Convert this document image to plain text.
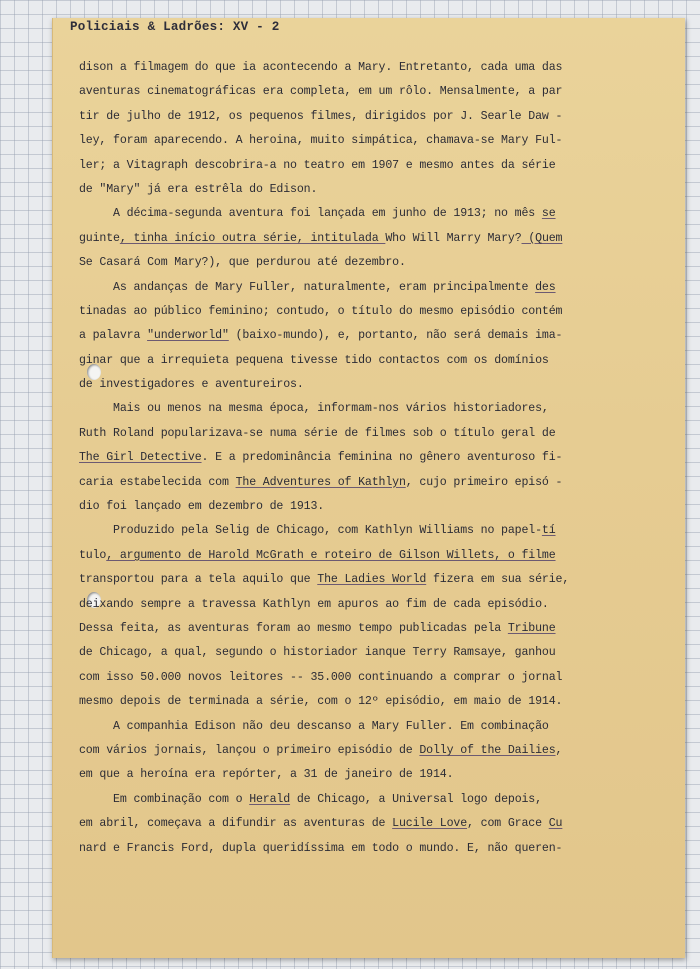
Policiais & Ladrões: XV - 2
dison a filmagem do que ia acontecendo a Mary. Entretanto, cada uma das
aventuras cinematográficas era completa, em um rôlo. Mensalmente, a par
tir de julho de 1912, os pequenos filmes, dirigidos por J. Searle Daw -
ley, foram aparecendo. A heroina, muito simpática, chamava-se Mary Ful-
ler; a Vitagraph descobrira-a no teatro em 1907 e mesmo antes da série
de "Mary" já era estrêla do Edison.
A décima-segunda aventura foi lançada em junho de 1913; no mês se
guinte, tinha início outra série, intitulada Who Will Marry Mary? (Quem
Se Casará Com Mary?), que perdurou até dezembro.
As andanças de Mary Fuller, naturalmente, eram principalmente des
tinadas ao público feminino; contudo, o título do mesmo episódio contém
a palavra "underworld" (baixo-mundo), e, portanto, não será demais ima-
ginar que a irrequieta pequena tivesse tido contactos com os domínios
de investigadores e aventureiros.
Mais ou menos na mesma época, informam-nos vários historiadores,
Ruth Roland popularizava-se numa série de filmes sob o título geral de
The Girl Detective. E a predominância feminina no gênero aventuroso fi-
caria estabelecida com The Adventures of Kathlyn, cujo primeiro episó -
dio foi lançado em dezembro de 1913.
Produzido pela Selig de Chicago, com Kathlyn Williams no papel-tí
tulo, argumento de Harold McGrath e roteiro de Gilson Willets, o filme
transportou para a tela aquilo que The Ladies World fizera em sua série,
deixando sempre a travessa Kathlyn em apuros ao fim de cada episódio.
Dessa feita, as aventuras foram ao mesmo tempo publicadas pela Tribune
de Chicago, a qual, segundo o historiador ianque Terry Ramsaye, ganhou
com isso 50.000 novos leitores -- 35.000 continuando a comprar o jornal
mesmo depois de terminada a série, com o 12º episódio, em maio de 1914.
A companhia Edison não deu descanso a Mary Fuller. Em combinação
com vários jornais, lançou o primeiro episódio de Dolly of the Dailies,
em que a heroína era repórter, a 31 de janeiro de 1914.
Em combinação com o Herald de Chicago, a Universal logo depois,
em abril, começava a difundir as aventuras de Lucile Love, com Grace Cu
nard e Francis Ford, dupla queridíssima em todo o mundo. E, não queren-
